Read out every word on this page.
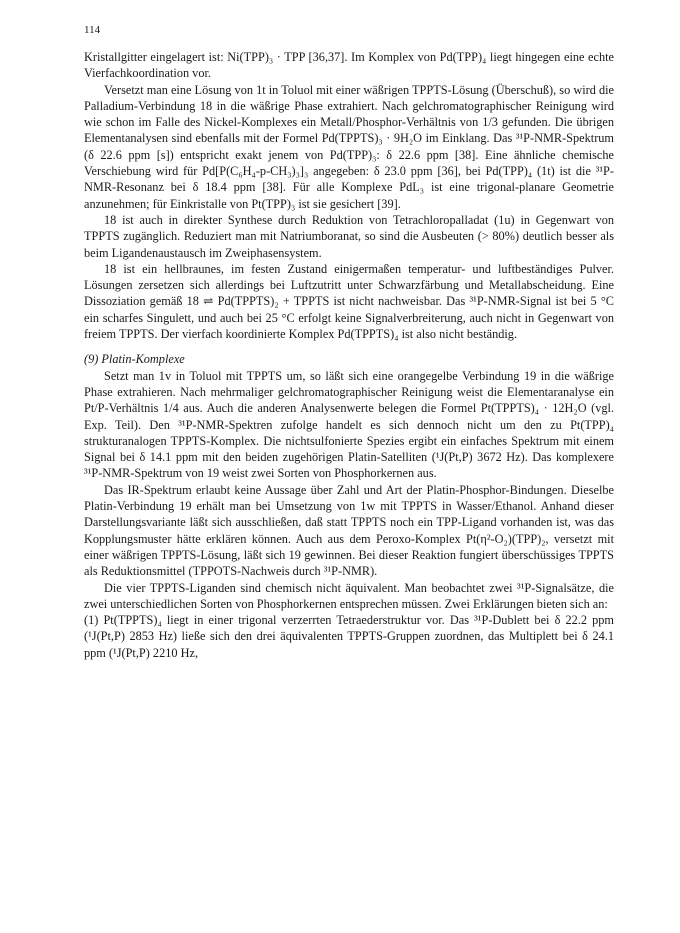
114

Kristallgitter eingelagert ist: Ni(TPP)₃ · TPP [36,37]. Im Komplex von Pd(TPP)₄ liegt hingegen eine echte Vierfachkoordination vor.

Versetzt man eine Lösung von 1t in Toluol mit einer wäßrigen TPPTS-Lösung (Überschuß), so wird die Palladium-Verbindung 18 in die wäßrige Phase extrahiert. Nach gelchromatographischer Reinigung wird wie schon im Falle des Nickel-Komplexes ein Metall/Phosphor-Verhältnis von 1/3 gefunden. Die übrigen Elementanalysen sind ebenfalls mit der Formel Pd(TPPTS)₃ · 9H₂O im Einklang. Das ³¹P-NMR-Spektrum (δ 22.6 ppm [s]) entspricht exakt jenem von Pd(TPP)₃: δ 22.6 ppm [38]. Eine ähnliche chemische Verschiebung wird für Pd[P(C₆H₄-p-CH₃)₃]₃ angegeben: δ 23.0 ppm [36], bei Pd(TPP)₄ (1t) ist die ³¹P-NMR-Resonanz bei δ 18.4 ppm [38]. Für alle Komplexe PdL₃ ist eine trigonal-planare Geometrie anzunehmen; für Einkristalle von Pt(TPP)₃ ist sie gesichert [39].

18 ist auch in direkter Synthese durch Reduktion von Tetrachloropalladat (1u) in Gegenwart von TPPTS zugänglich. Reduziert man mit Natriumboranat, so sind die Ausbeuten (> 80%) deutlich besser als beim Ligandenaustausch im Zweiphasensystem.

18 ist ein hellbraunes, im festen Zustand einigermaßen temperatur- und luftbeständiges Pulver. Lösungen zersetzen sich allerdings bei Luftzutritt unter Schwarzfärbung und Metallabscheidung. Eine Dissoziation gemäß 18 ⇌ Pd(TPPTS)₂ + TPPTS ist nicht nachweisbar. Das ³¹P-NMR-Signal ist bei 5 °C ein scharfes Singulett, und auch bei 25 °C erfolgt keine Signalverbreiterung, auch nicht in Gegenwart von freiem TPPTS. Der vierfach koordinierte Komplex Pd(TPPTS)₄ ist also nicht beständig.

(9) Platin-Komplexe

Setzt man 1v in Toluol mit TPPTS um, so läßt sich eine orangegelbe Verbindung 19 in die wäßrige Phase extrahieren. Nach mehrmaliger gelchromatographischer Reinigung weist die Elementaranalyse ein Pt/P-Verhältnis 1/4 aus. Auch die anderen Analysenwerte belegen die Formel Pt(TPPTS)₄ · 12H₂O (vgl. Exp. Teil). Den ³¹P-NMR-Spektren zufolge handelt es sich dennoch nicht um den zu Pt(TPP)₄ strukturanalogen TPPTS-Komplex. Die nichtsulfonierte Spezies ergibt ein einfaches Spektrum mit einem Signal bei δ 14.1 ppm mit den beiden zugehörigen Platin-Satelliten (¹J(Pt,P) 3672 Hz). Das komplexere ³¹P-NMR-Spektrum von 19 weist zwei Sorten von Phosphorkernen aus.

Das IR-Spektrum erlaubt keine Aussage über Zahl und Art der Platin-Phosphor-Bindungen. Dieselbe Platin-Verbindung 19 erhält man bei Umsetzung von 1w mit TPPTS in Wasser/Ethanol. Anhand dieser Darstellungsvariante läßt sich ausschließen, daß statt TPPTS noch ein TPP-Ligand vorhanden ist, was das Kopplungsmuster hätte erklären können. Auch aus dem Peroxo-Komplex Pt(η²-O₂)(TPP)₂, versetzt mit einer wäßrigen TPPTS-Lösung, läßt sich 19 gewinnen. Bei dieser Reaktion fungiert überschüssiges TPPTS als Reduktionsmittel (TPPOTS-Nachweis durch ³¹P-NMR).

Die vier TPPTS-Liganden sind chemisch nicht äquivalent. Man beobachtet zwei ³¹P-Signalsätze, die zwei unterschiedlichen Sorten von Phosphorkernen entsprechen müssen. Zwei Erklärungen bieten sich an:

(1) Pt(TPPTS)₄ liegt in einer trigonal verzerrten Tetraederstruktur vor. Das ³¹P-Dublett bei δ 22.2 ppm (¹J(Pt,P) 2853 Hz) ließe sich den drei äquivalenten TPPTS-Gruppen zuordnen, das Multiplett bei δ 24.1 ppm (¹J(Pt,P) 2210 Hz,
